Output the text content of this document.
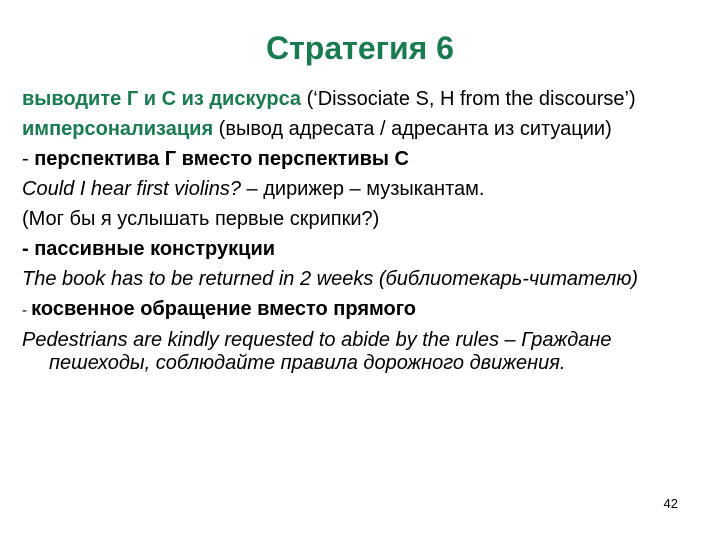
Стратегия 6

выводите Г и С из дискурса (‘Dissociate S, H from the discourse’)

имперсонализация (вывод адресата / адресанта из ситуации)

- перспектива Г вместо перспективы С

Could I hear first violins? – дирижер – музыкантам.

(Мог бы я услышать первые скрипки?)

- пассивные конструкции

The book has to be returned in 2 weeks (библиотекарь-читателю)

- косвенное обращение вместо прямого

Pedestrians are kindly requested to abide by the rules – Граждане пешеходы, соблюдайте правила дорожного движения.

42
